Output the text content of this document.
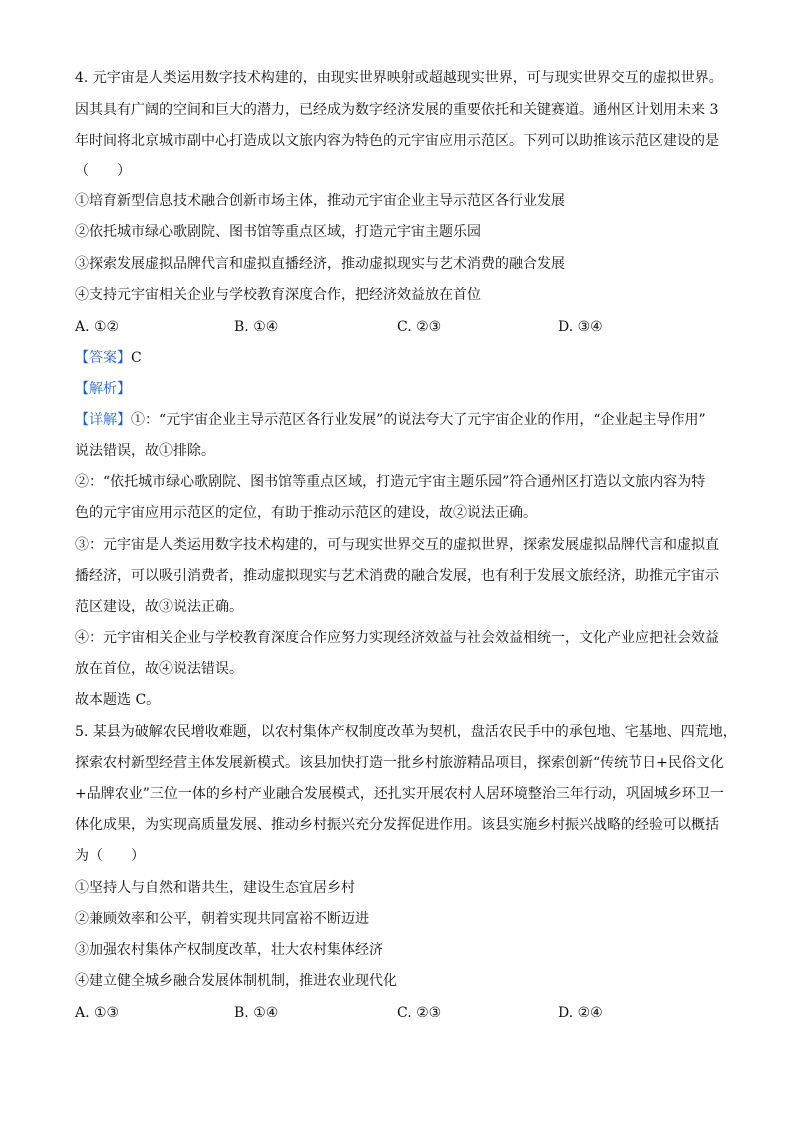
4. 元宇宙是人类运用数字技术构建的，由现实世界映射或超越现实世界，可与现实世界交互的虚拟世界。
因其具有广阔的空间和巨大的潜力，已经成为数字经济发展的重要依托和关键赛道。通州区计划用未来 3
年时间将北京城市副中心打造成以文旅内容为特色的元宇宙应用示范区。下列可以助推该示范区建设的是
（　　）
①培育新型信息技术融合创新市场主体，推动元宇宙企业主导示范区各行业发展
②依托城市绿心歌剧院、图书馆等重点区域，打造元宇宙主题乐园
③探索发展虚拟品牌代言和虚拟直播经济，推动虚拟现实与艺术消费的融合发展
④支持元宇宙相关企业与学校教育深度合作，把经济效益放在首位
A. ①②	B. ①④	C. ②③	D. ③④
【答案】C
【解析】
【详解】①：“元宇宙企业主导示范区各行业发展”的说法夸大了元宇宙企业的作用，“企业起主导作用”
说法错误，故①排除。
②：“依托城市绿心歌剧院、图书馆等重点区域，打造元宇宙主题乐园”符合通州区打造以文旅内容为特
色的元宇宙应用示范区的定位，有助于推动示范区的建设，故②说法正确。
③：元宇宙是人类运用数字技术构建的，可与现实世界交互的虚拟世界，探索发展虚拟品牌代言和虚拟直
播经济，可以吸引消费者，推动虚拟现实与艺术消费的融合发展，也有利于发展文旅经济，助推元宇宙示
范区建设，故③说法正确。
④：元宇宙相关企业与学校教育深度合作应努力实现经济效益与社会效益相统一，文化产业应把社会效益
放在首位，故④说法错误。
故本题选 C。
5. 某县为破解农民增收难题，以农村集体产权制度改革为契机，盘活农民手中的承包地、宅基地、四荒地，
探索农村新型经营主体发展新模式。该县加快打造一批乡村旅游精品项目，探索创新“传统节日+民俗文化
+品牌农业”三位一体的乡村产业融合发展模式，还扎实开展农村人居环境整治三年行动，巩固城乡环卫一
体化成果，为实现高质量发展、推动乡村振兴充分发挥促进作用。该县实施乡村振兴战略的经验可以概括
为（　　）
①坚持人与自然和谐共生，建设生态宜居乡村
②兼顾效率和公平，朝着实现共同富裕不断迈进
③加强农村集体产权制度改革，壮大农村集体经济
④建立健全城乡融合发展体制机制，推进农业现代化
A. ①③	B. ①④	C. ②③	D. ②④
